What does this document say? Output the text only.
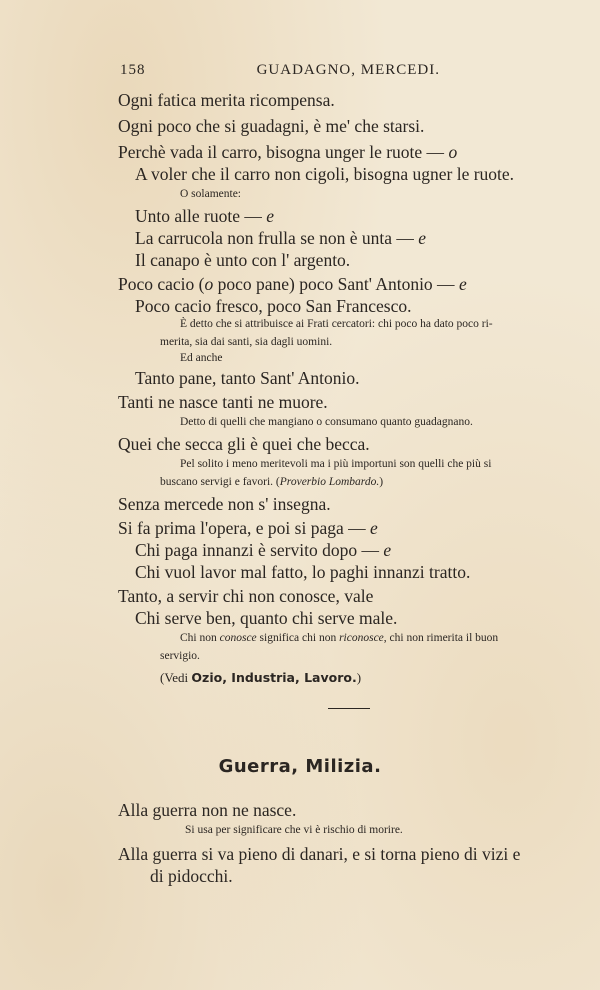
158	GUADAGNO, MERCEDI.
Ogni fatica merita ricompensa.
Ogni poco che si guadagni, è me' che starsi.
Perchè vada il carro, bisogna unger le ruote — o
A voler che il carro non cigoli, bisogna ugner le ruote.
O solamente:
Unto alle ruote — e
La carrucola non frulla se non è unta — e
Il canapo è unto con l' argento.
Poco cacio (o poco pane) poco Sant' Antonio — e
Poco cacio fresco, poco San Francesco.
È detto che si attribuisce ai Frati cercatori: chi poco ha dato poco ri-
merita, sia dai santi, sia dagli uomini.
Ed anche
Tanto pane, tanto Sant' Antonio.
Tanti ne nasce tanti ne muore.
Detto di quelli che mangiano o consumano quanto guadagnano.
Quei che secca gli è quei che becca.
Pel solito i meno meritevoli ma i più importuni son quelli che più si
buscano servigi e favori. (Proverbio Lombardo.)
Senza mercede non s' insegna.
Si fa prima l'opera, e poi si paga — e
Chi paga innanzi è servito dopo — e
Chi vuol lavor mal fatto, lo paghi innanzi tratto.
Tanto, a servir chi non conosce, vale
Chi serve ben, quanto chi serve male.
Chi non conosce significa chi non riconosce, chi non rimerita il buon
servigio.
(Vedi Ozio, Industria, Lavoro.)
Guerra, Milizia.
Alla guerra non ne nasce.
Si usa per significare che vi è rischio di morire.
Alla guerra si va pieno di danari, e si torna pieno di vizi e
di pidocchi.
